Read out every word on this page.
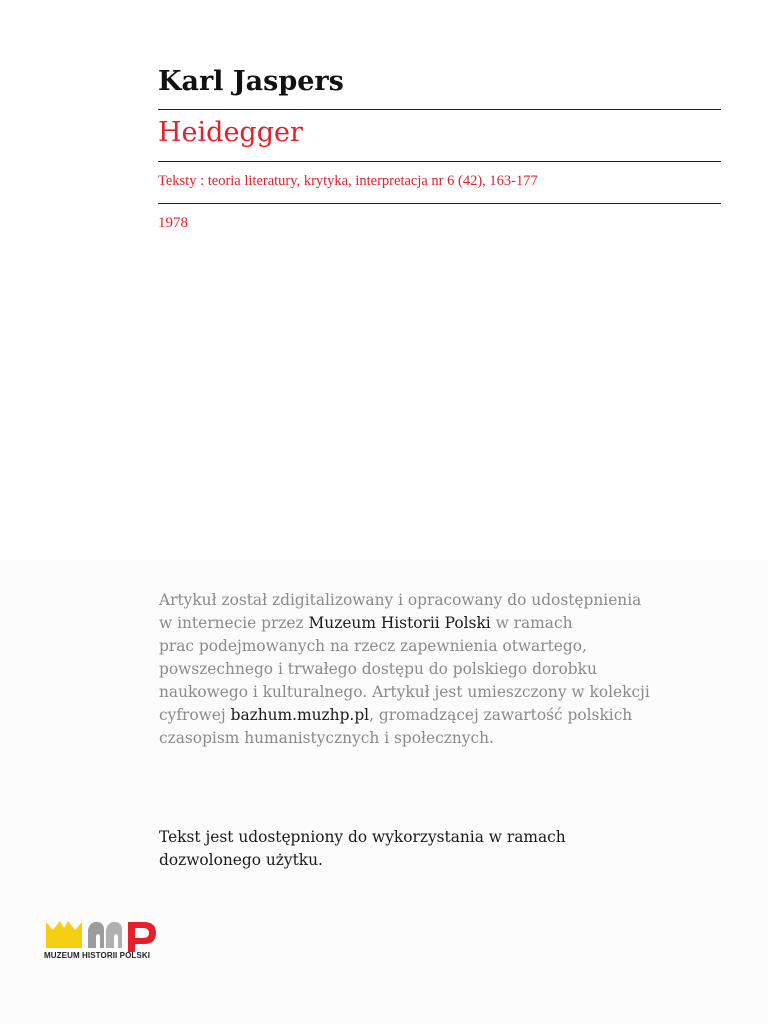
Karl Jaspers
Heidegger
Teksty : teoria literatury, krytyka, interpretacja nr 6 (42), 163-177
1978
Artykuł został zdigitalizowany i opracowany do udostępnienia
w internecie przez Muzeum Historii Polski w ramach
prac podejmowanych na rzecz zapewnienia otwartego,
powszechnego i trwałego dostępu do polskiego dorobku
naukowego i kulturalnego. Artykuł jest umieszczony w kolekcji
cyfrowej bazhum.muzhp.pl, gromadzącej zawartość polskich
czasopism humanistycznych i społecznych.
Tekst jest udostępniony do wykorzystania w ramach
dozwolonego użytku.
MUZEUM HISTORII POLSKI
